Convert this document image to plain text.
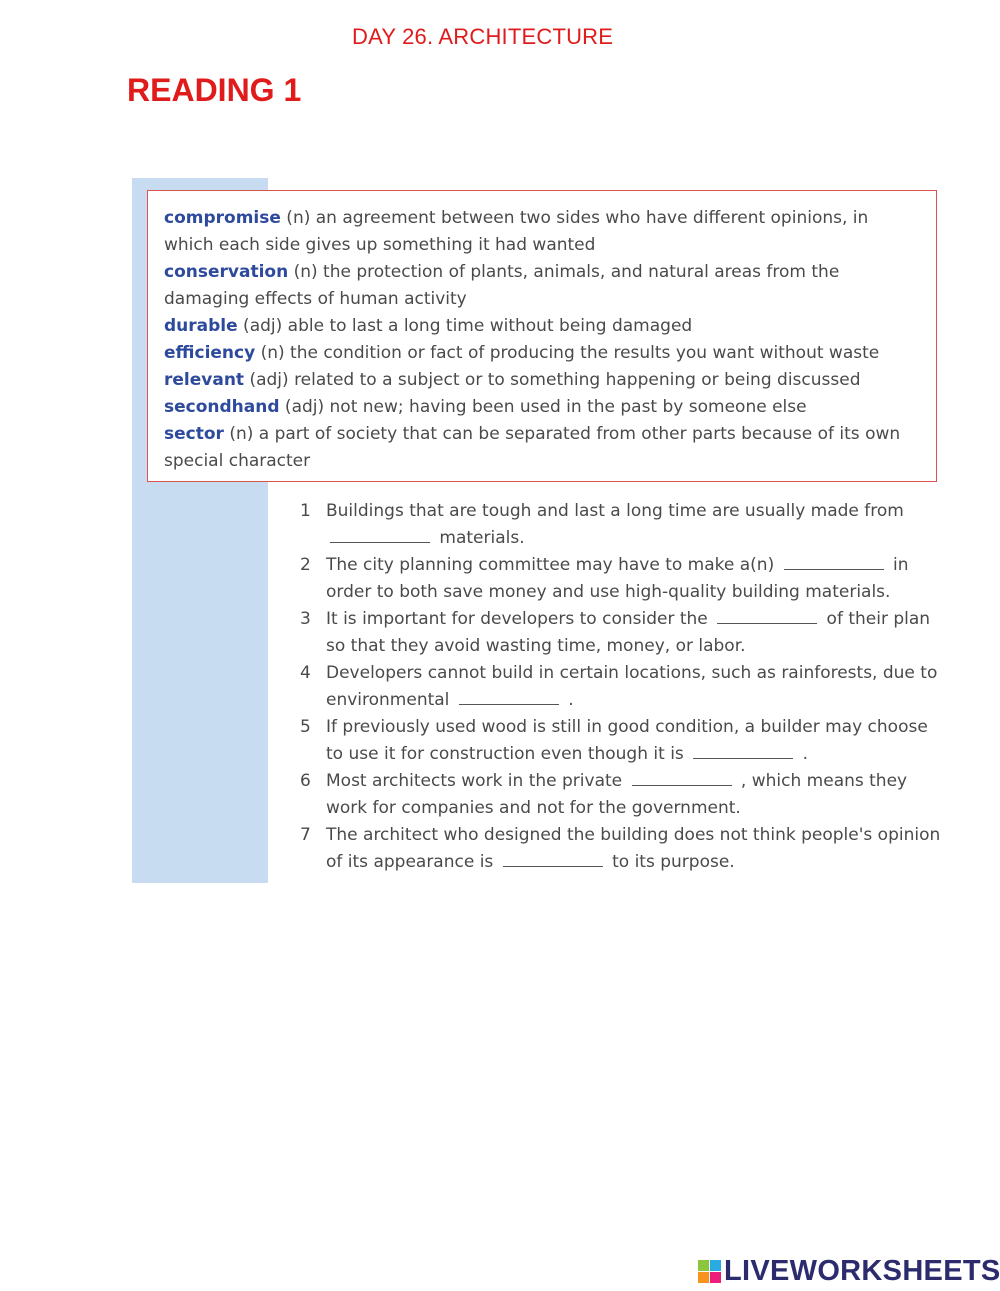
DAY 26. ARCHITECTURE
READING 1

compromise (n) an agreement between two sides who have different opinions, in which each side gives up something it had wanted

conservation (n) the protection of plants, animals, and natural areas from the damaging effects of human activity

durable (adj) able to last a long time without being damaged

efficiency (n) the condition or fact of producing the results you want without waste

relevant (adj) related to a subject or to something happening or being discussed

secondhand (adj) not new; having been used in the past by someone else

sector (n) a part of society that can be separated from other parts because of its own special character

1 Buildings that are tough and last a long time are usually made from
materials.
2 The city planning committee may have to make a(n)	in order to both save money and use high-quality building materials.
3 It is important for developers to consider the	of their plan so that they avoid wasting time, money, or labor.
4 Developers cannot build in certain locations, such as rainforests, due to environmental	.
5 If previously used wood is still in good condition, a builder may choose to use it for construction even though it is	.
6 Most architects work in the private	, which means they work for companies and not for the government.
7 The architect who designed the building does not think people's opinion of its appearance is	to its purpose.
LIVEWORKSHEETS
